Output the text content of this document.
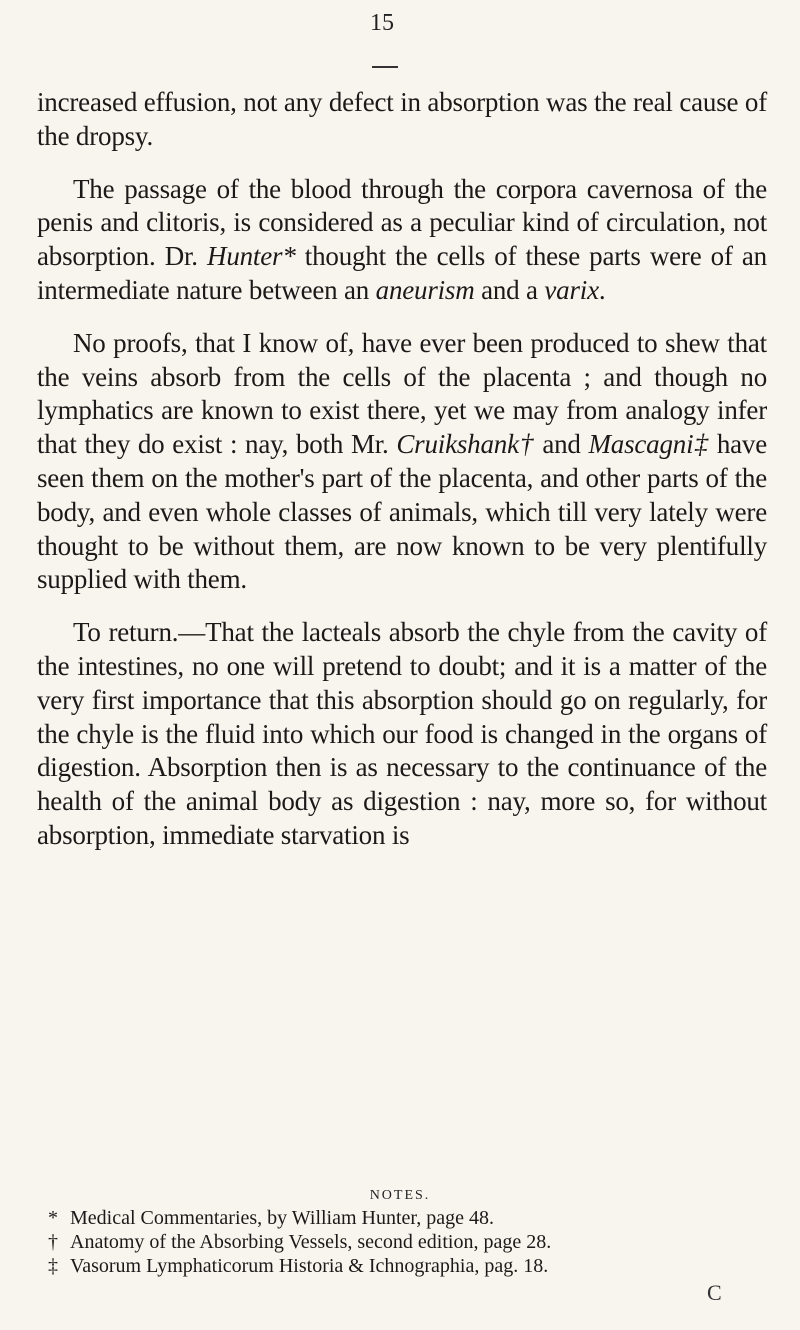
15

increased effusion, not any defect in absorption was the real cause of the dropsy.

The passage of the blood through the corpora cavernosa of the penis and clitoris, is considered as a peculiar kind of circulation, not absorption. Dr. Hunter* thought the cells of these parts were of an intermediate nature between an aneurism and a varix.

No proofs, that I know of, have ever been produced to shew that the veins absorb from the cells of the placenta ; and though no lymphatics are known to exist there, yet we may from analogy infer that they do exist : nay, both Mr. Cruikshank† and Mascagni‡ have seen them on the mother's part of the placenta, and other parts of the body, and even whole classes of animals, which till very lately were thought to be without them, are now known to be very plentifully supplied with them.

To return.—That the lacteals absorb the chyle from the cavity of the intestines, no one will pretend to doubt; and it is a matter of the very first importance that this absorption should go on regularly, for the chyle is the fluid into which our food is changed in the organs of digestion. Absorption then is as necessary to the continuance of the health of the animal body as digestion : nay, more so, for without absorption, immediate starvation is

NOTES.
* Medical Commentaries, by William Hunter, page 48.
† Anatomy of the Absorbing Vessels, second edition, page 28.
‡ Vasorum Lymphaticorum Historia & Ichnographia, pag. 18.
C
